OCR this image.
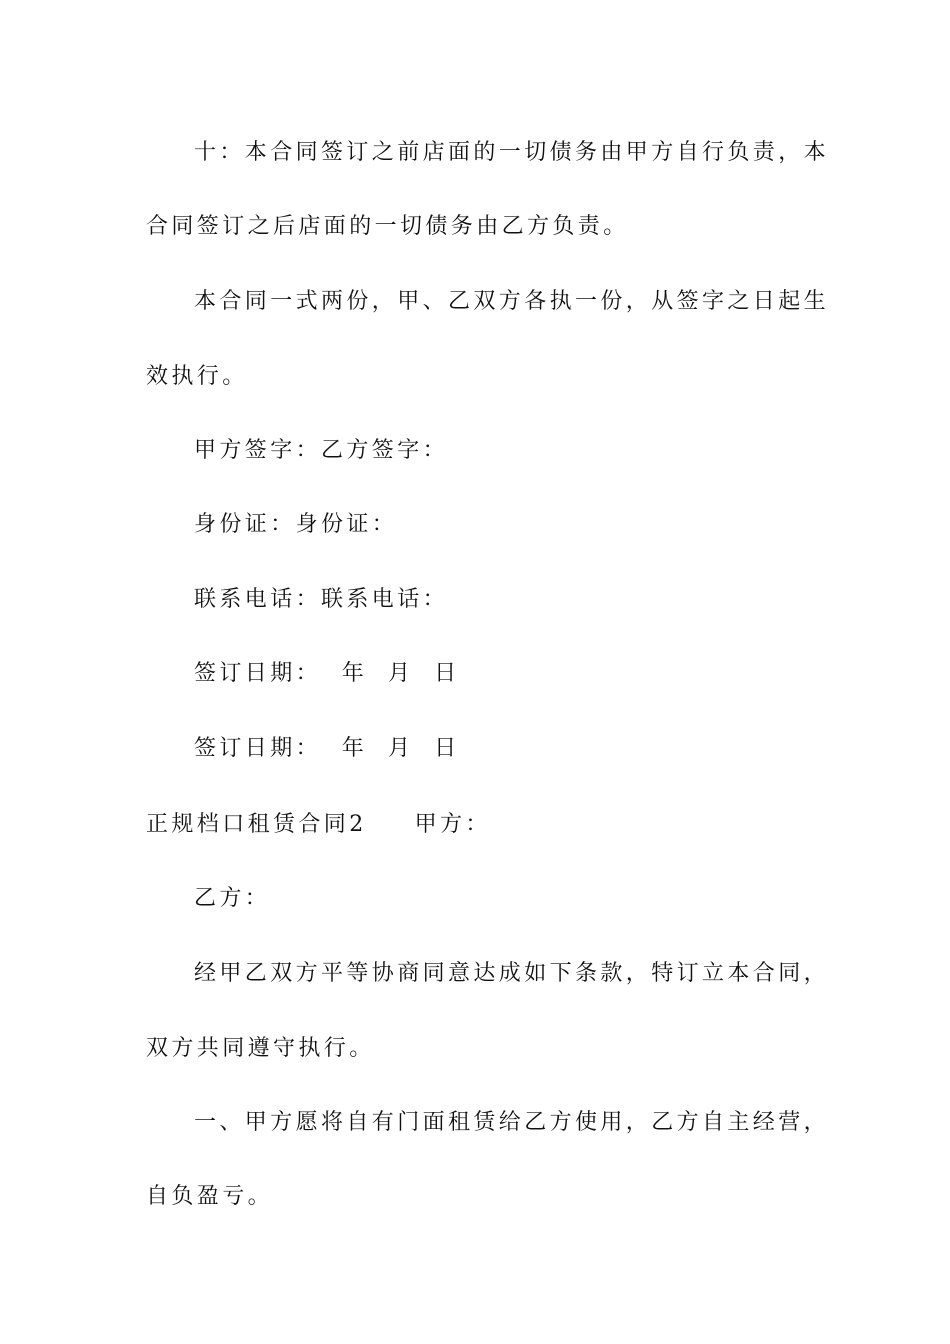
十：本合同签订之前店面的一切债务由甲方自行负责，本
合同签订之后店面的一切债务由乙方负责。
本合同一式两份，甲、乙双方各执一份，从签字之日起生
效执行。
甲方签字：乙方签字：
身份证：身份证：
联系电话：联系电话：
签订日期：  年  月  日
签订日期：  年  月  日
正规档口租赁合同2 甲方：
乙方：
经甲乙双方平等协商同意达成如下条款，特订立本合同，
双方共同遵守执行。
一、甲方愿将自有门面租赁给乙方使用，乙方自主经营，
自负盈亏。
